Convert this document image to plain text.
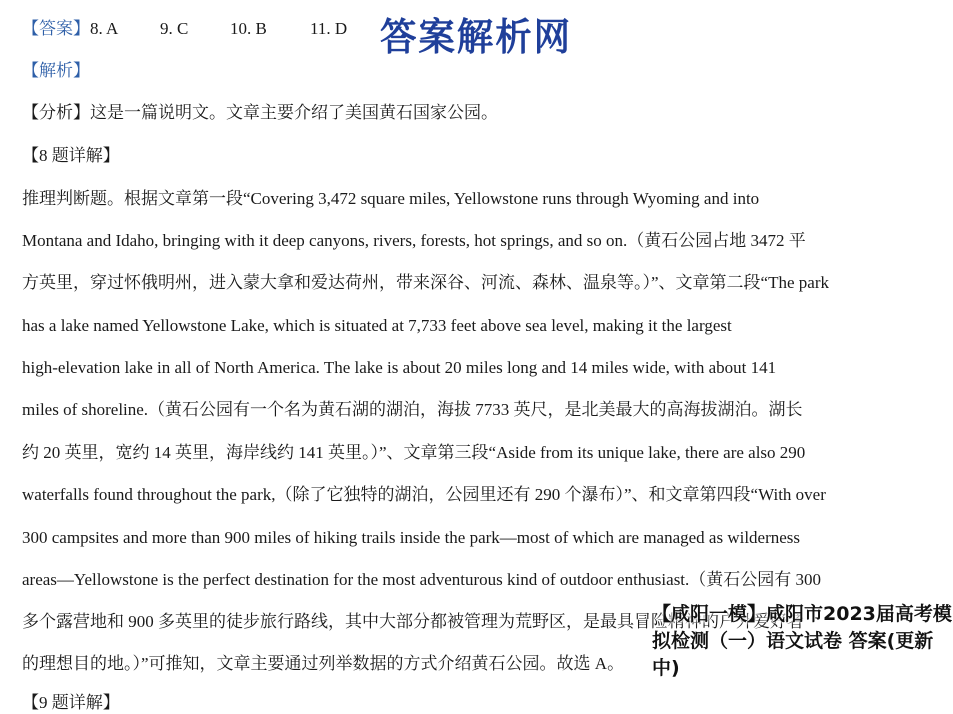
答案解析网
【答案】8. A 9. C 10. B	11. D
【解析】
【分析】这是一篇说明文。文章主要介绍了美国黄石国家公园。
【8 题详解】
推理判断题。根据文章第一段“Covering 3,472 square miles, Yellowstone runs through Wyoming and into
Montana and Idaho, bringing with it deep canyons, rivers, forests, hot springs, and so on.（黄石公园占地 3472 平
方英里，穿过怀俄明州，进入蒙大拿和爱达荷州，带来深谷、河流、森林、温泉等。）”、文章第二段“The park
has a lake named Yellowstone Lake, which is situated at 7,733 feet above sea level, making it the largest
high-elevation lake in all of North America. The lake is about 20 miles long and 14 miles wide, with about 141
miles of shoreline.（黄石公园有一个名为黄石湖的湖泊，海拔 7733 英尺，是北美最大的高海拔湖泊。湖长
约 20 英里，宽约 14 英里，海岸线约 141 英里。）”、文章第三段“Aside from its unique lake, there are also 290
waterfalls found throughout the park,（除了它独特的湖泊，公园里还有 290 个瀑布）”、和文章第四段“With over
300 campsites and more than 900 miles of hiking trails inside the park—most of which are managed as wilderness
areas—Yellowstone is the perfect destination for the most adventurous kind of outdoor enthusiast.（黄石公园有 300
多个露营地和 900 多英里的徒步旅行路线，其中大部分都被管理为荒野区，是最具冒险精神的户外爱好者
的理想目的地。）”可推知，文章主要通过列举数据的方式介绍黄石公园。故选 A。
【9 题详解】
【咸阳一模】咸阳市2023届高考模拟检测（一）语文试卷 答案(更新中)
